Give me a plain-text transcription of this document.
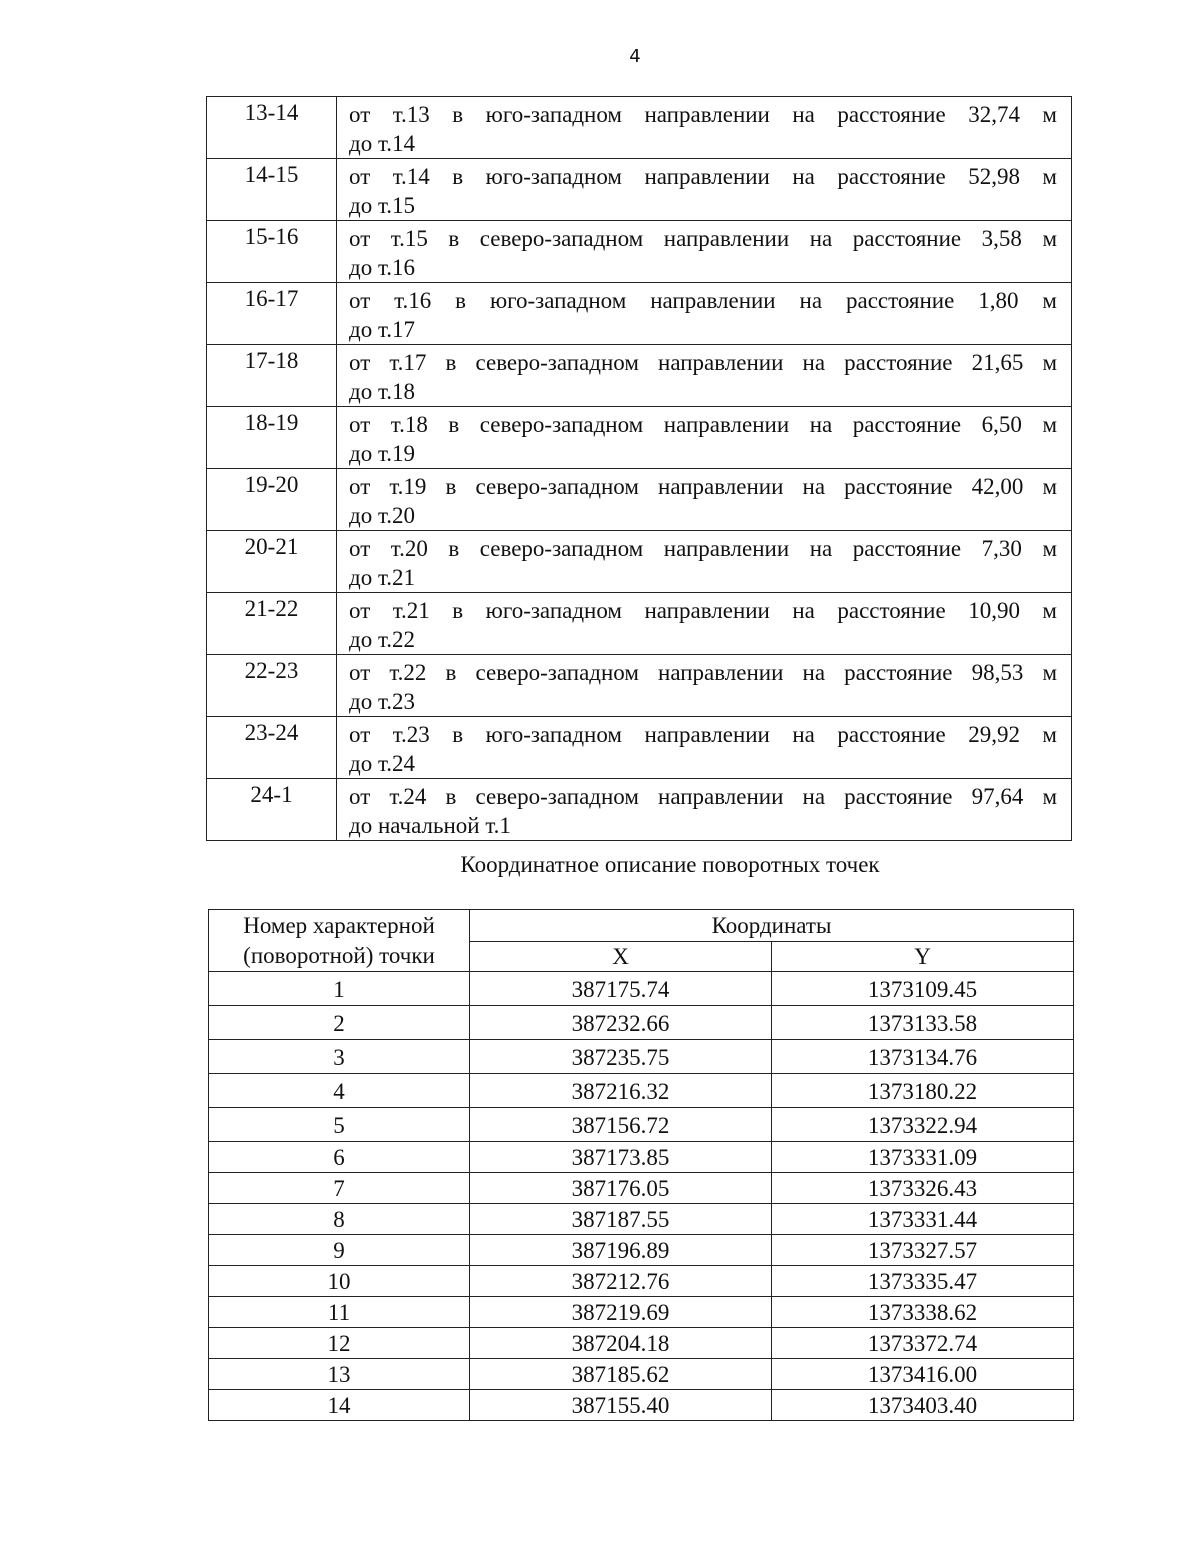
4
13-14	от т.13 в юго-западном направлении на расстояние 32,74 м
до т.14

14-15	от т.14 в юго-западном направлении на расстояние 52,98 м
до т.15

15-16	от т.15 в северо-западном направлении на расстояние 3,58 м
до т.16

16-17	от т.16 в юго-западном направлении на расстояние 1,80 м
до т.17

17-18	от т.17 в северо-западном направлении на расстояние 21,65 м
до т.18

18-19	от т.18 в северо-западном направлении на расстояние 6,50 м
до т.19

19-20	от т.19 в северо-западном направлении на расстояние 42,00 м
до т.20

20-21	от т.20 в северо-западном направлении на расстояние 7,30 м
до т.21

21-22	от т.21 в юго-западном направлении на расстояние 10,90 м
до т.22

22-23	от т.22 в северо-западном направлении на расстояние 98,53 м
до т.23

23-24	от т.23 в юго-западном направлении на расстояние 29,92 м
до т.24

24-1	от т.24 в северо-западном направлении на расстояние 97,64 м
до начальной т.1
Координатное описание поворотных точек
Номер характерной
(поворотной) точки	Координаты	
	X	Y
1	387175.74	1373109.45
2	387232.66	1373133.58
3	387235.75	1373134.76
4	387216.32	1373180.22
5	387156.72	1373322.94
6	387173.85	1373331.09
7	387176.05	1373326.43
8	387187.55	1373331.44
9	387196.89	1373327.57
10	387212.76	1373335.47
11	387219.69	1373338.62
12	387204.18	1373372.74
13	387185.62	1373416.00
14	387155.40	1373403.40
